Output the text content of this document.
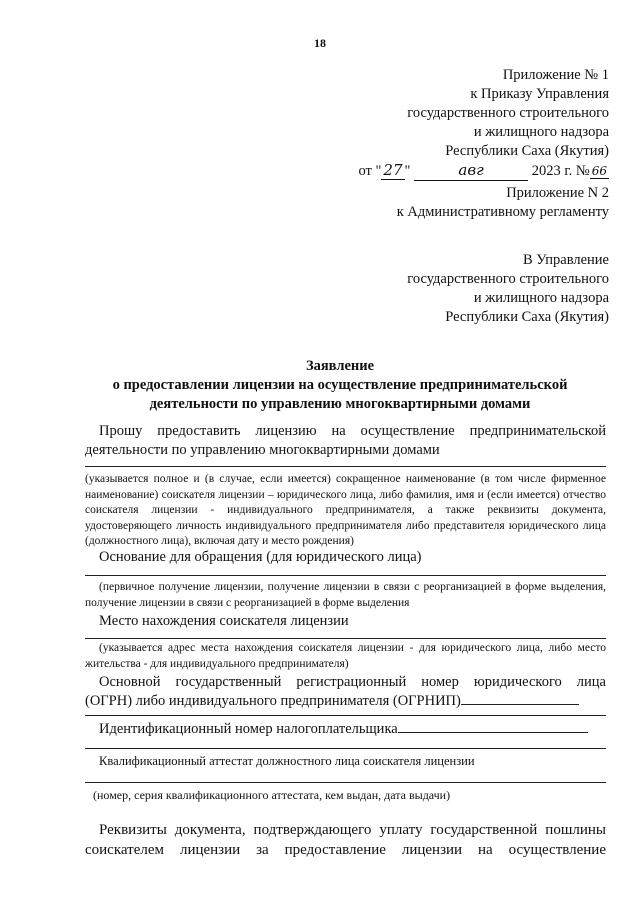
18
Приложение № 1
к Приказу Управления
государственного строительного
и жилищного надзора
Республики Саха (Якутия)
от " 27 "	авг	2023 г. № 66
Приложение N 2
к Административному регламенту
В Управление
государственного строительного
и жилищного надзора
Республики Саха (Якутия)
Заявление
о предоставлении лицензии на осуществление предпринимательской
деятельности по управлению многоквартирными домами
Прошу предоставить лицензию на осуществление предпринимательской
деятельности по управлению многоквартирными домами
(указывается полное и (в случае, если имеется) сокращенное наименование (в том числе фирменное наименование) соискателя лицензии – юридического лица, либо фамилия, имя и (если имеется) отчество соискателя лицензии - индивидуального предпринимателя, а также реквизиты документа, удостоверяющего личность индивидуального предпринимателя либо представителя юридического лица (должностного лица), включая дату и место рождения)
Основание для обращения (для юридического лица)
(первичное получение лицензии, получение лицензии в связи с реорганизацией в форме выделения, получение лицензии в связи с реорганизацией в форме выделения
Место нахождения соискателя лицензии
(указывается адрес места нахождения соискателя лицензии - для юридического лица, либо место жительства - для индивидуального предпринимателя)
Основной государственный регистрационный номер юридического лица
(ОГРН) либо индивидуального предпринимателя (ОГРНИП)
Идентификационный номер налогоплательщика
Квалификационный аттестат должностного лица соискателя лицензии
(номер, серия квалификационного аттестата, кем выдан, дата выдачи)
Реквизиты документа, подтверждающего уплату государственной пошлины
соискателем лицензии за предоставление лицензии на осуществление
